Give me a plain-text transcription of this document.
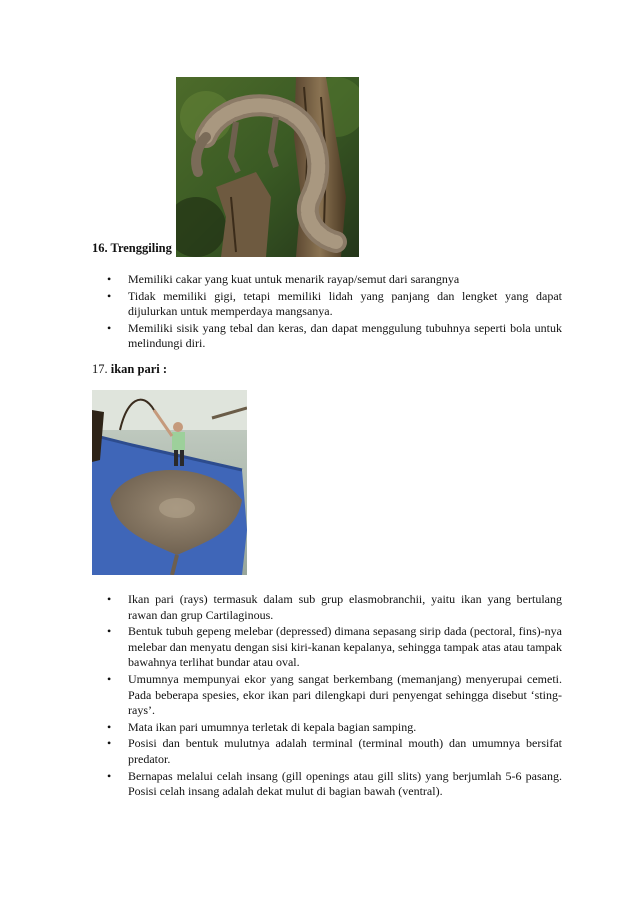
16. Trenggiling
• Memiliki cakar yang kuat untuk menarik rayap/semut dari sarangnya
• Tidak memiliki gigi, tetapi memiliki lidah yang panjang dan lengket yang dapat dijulurkan untuk memperdaya mangsanya.
• Memiliki sisik yang tebal dan keras, dan dapat menggulung tubuhnya seperti bola untuk melindungi diri.
17. ikan pari :
• Ikan pari (rays) termasuk dalam sub grup elasmobranchii, yaitu ikan yang bertulang rawan dan grup Cartilaginous.
• Bentuk tubuh gepeng melebar (depressed) dimana sepasang sirip dada (pectoral, fins)-nya melebar dan menyatu dengan sisi kiri-kanan kepalanya, sehingga tampak atas atau tampak bawahnya terlihat bundar atau oval.
• Umumnya mempunyai ekor yang sangat berkembang (memanjang) menyerupai cemeti. Pada beberapa spesies, ekor ikan pari dilengkapi duri penyengat sehingga disebut ‘sting-rays’.
• Mata ikan pari umumnya terletak di kepala bagian samping.
• Posisi dan bentuk mulutnya adalah terminal (terminal mouth) dan umumnya bersifat predator.
• Bernapas melalui celah insang (gill openings atau gill slits) yang berjumlah 5-6 pasang. Posisi celah insang adalah dekat mulut di bagian bawah (ventral).
